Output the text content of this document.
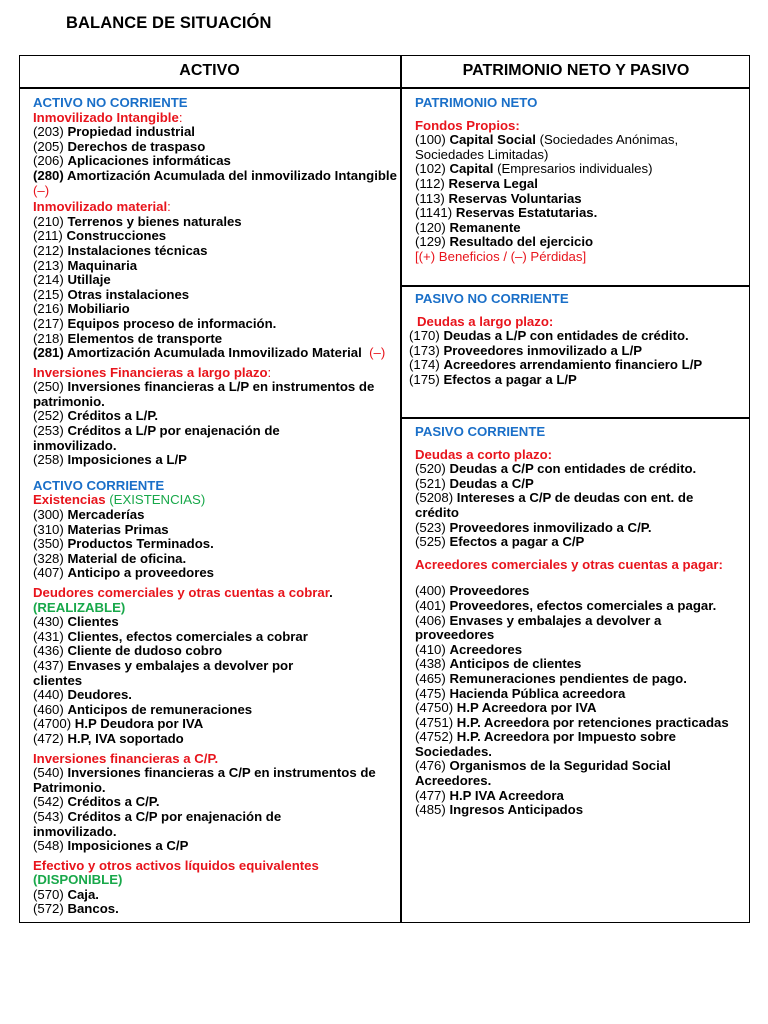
BALANCE DE SITUACIÓN
ACTIVO	PATRIMONIO NETO Y PASIVO
ACTIVO NO CORRIENTE
Inmovilizado Intangible:
(203) Propiedad industrial
(205) Derechos de traspaso
(206) Aplicaciones informáticas
(280) Amortización Acumulada del inmovilizado Intangible
(–)
Inmovilizado material:
(210) Terrenos y bienes naturales
(211) Construcciones
(212) Instalaciones técnicas
(213) Maquinaria
(214) Utillaje
(215) Otras instalaciones
(216) Mobiliario
(217) Equipos proceso de información.
(218) Elementos de transporte
(281) Amortización Acumulada Inmovilizado Material (–)
Inversiones Financieras a largo plazo:
(250) Inversiones financieras a L/P en instrumentos de
patrimonio.
(252) Créditos a L/P.
(253) Créditos a L/P por enajenación de
inmovilizado.
(258) Imposiciones a L/P
ACTIVO CORRIENTE
Existencias (EXISTENCIAS)
(300) Mercaderías
(310) Materias Primas
(350) Productos Terminados.
(328) Material de oficina.
(407) Anticipo a proveedores
Deudores comerciales y otras cuentas a cobrar.
(REALIZABLE)
(430) Clientes
(431) Clientes, efectos comerciales a cobrar
(436) Cliente de dudoso cobro
(437) Envases y embalajes a devolver por
clientes
(440) Deudores.
(460) Anticipos de remuneraciones
(4700) H.P Deudora por IVA
(472) H.P, IVA soportado
Inversiones financieras a C/P.
(540) Inversiones financieras a C/P en instrumentos de
Patrimonio.
(542) Créditos a C/P.
(543) Créditos a C/P por enajenación de
inmovilizado.
(548) Imposiciones a C/P
Efectivo y otros activos líquidos equivalentes
(DISPONIBLE)
(570) Caja.
(572) Bancos.
PATRIMONIO NETO
Fondos Propios:
(100) Capital Social (Sociedades Anónimas,
Sociedades Limitadas)
(102) Capital (Empresarios individuales)
(112) Reserva Legal
(113) Reservas Voluntarias
(1141) Reservas Estatutarias.
(120) Remanente
(129) Resultado del ejercicio
[(+) Beneficios / (–) Pérdidas]
PASIVO NO CORRIENTE
Deudas a largo plazo:
(170) Deudas a L/P con entidades de crédito.
(173) Proveedores inmovilizado a L/P
(174) Acreedores arrendamiento financiero L/P
(175) Efectos a pagar a L/P
PASIVO CORRIENTE
Deudas a corto plazo:
(520) Deudas a C/P con entidades de crédito.
(521) Deudas a C/P
(5208) Intereses a C/P de deudas con ent. de
crédito
(523) Proveedores inmovilizado a C/P.
(525) Efectos a pagar a C/P
Acreedores comerciales y otras cuentas a pagar:
(400) Proveedores
(401) Proveedores, efectos comerciales a pagar.
(406) Envases y embalajes a devolver a
proveedores
(410) Acreedores
(438) Anticipos de clientes
(465) Remuneraciones pendientes de pago.
(475) Hacienda Pública acreedora
(4750) H.P Acreedora por IVA
(4751) H.P. Acreedora por retenciones practicadas
(4752) H.P. Acreedora por Impuesto sobre
Sociedades.
(476) Organismos de la Seguridad Social
Acreedores.
(477) H.P IVA Acreedora
(485) Ingresos Anticipados
